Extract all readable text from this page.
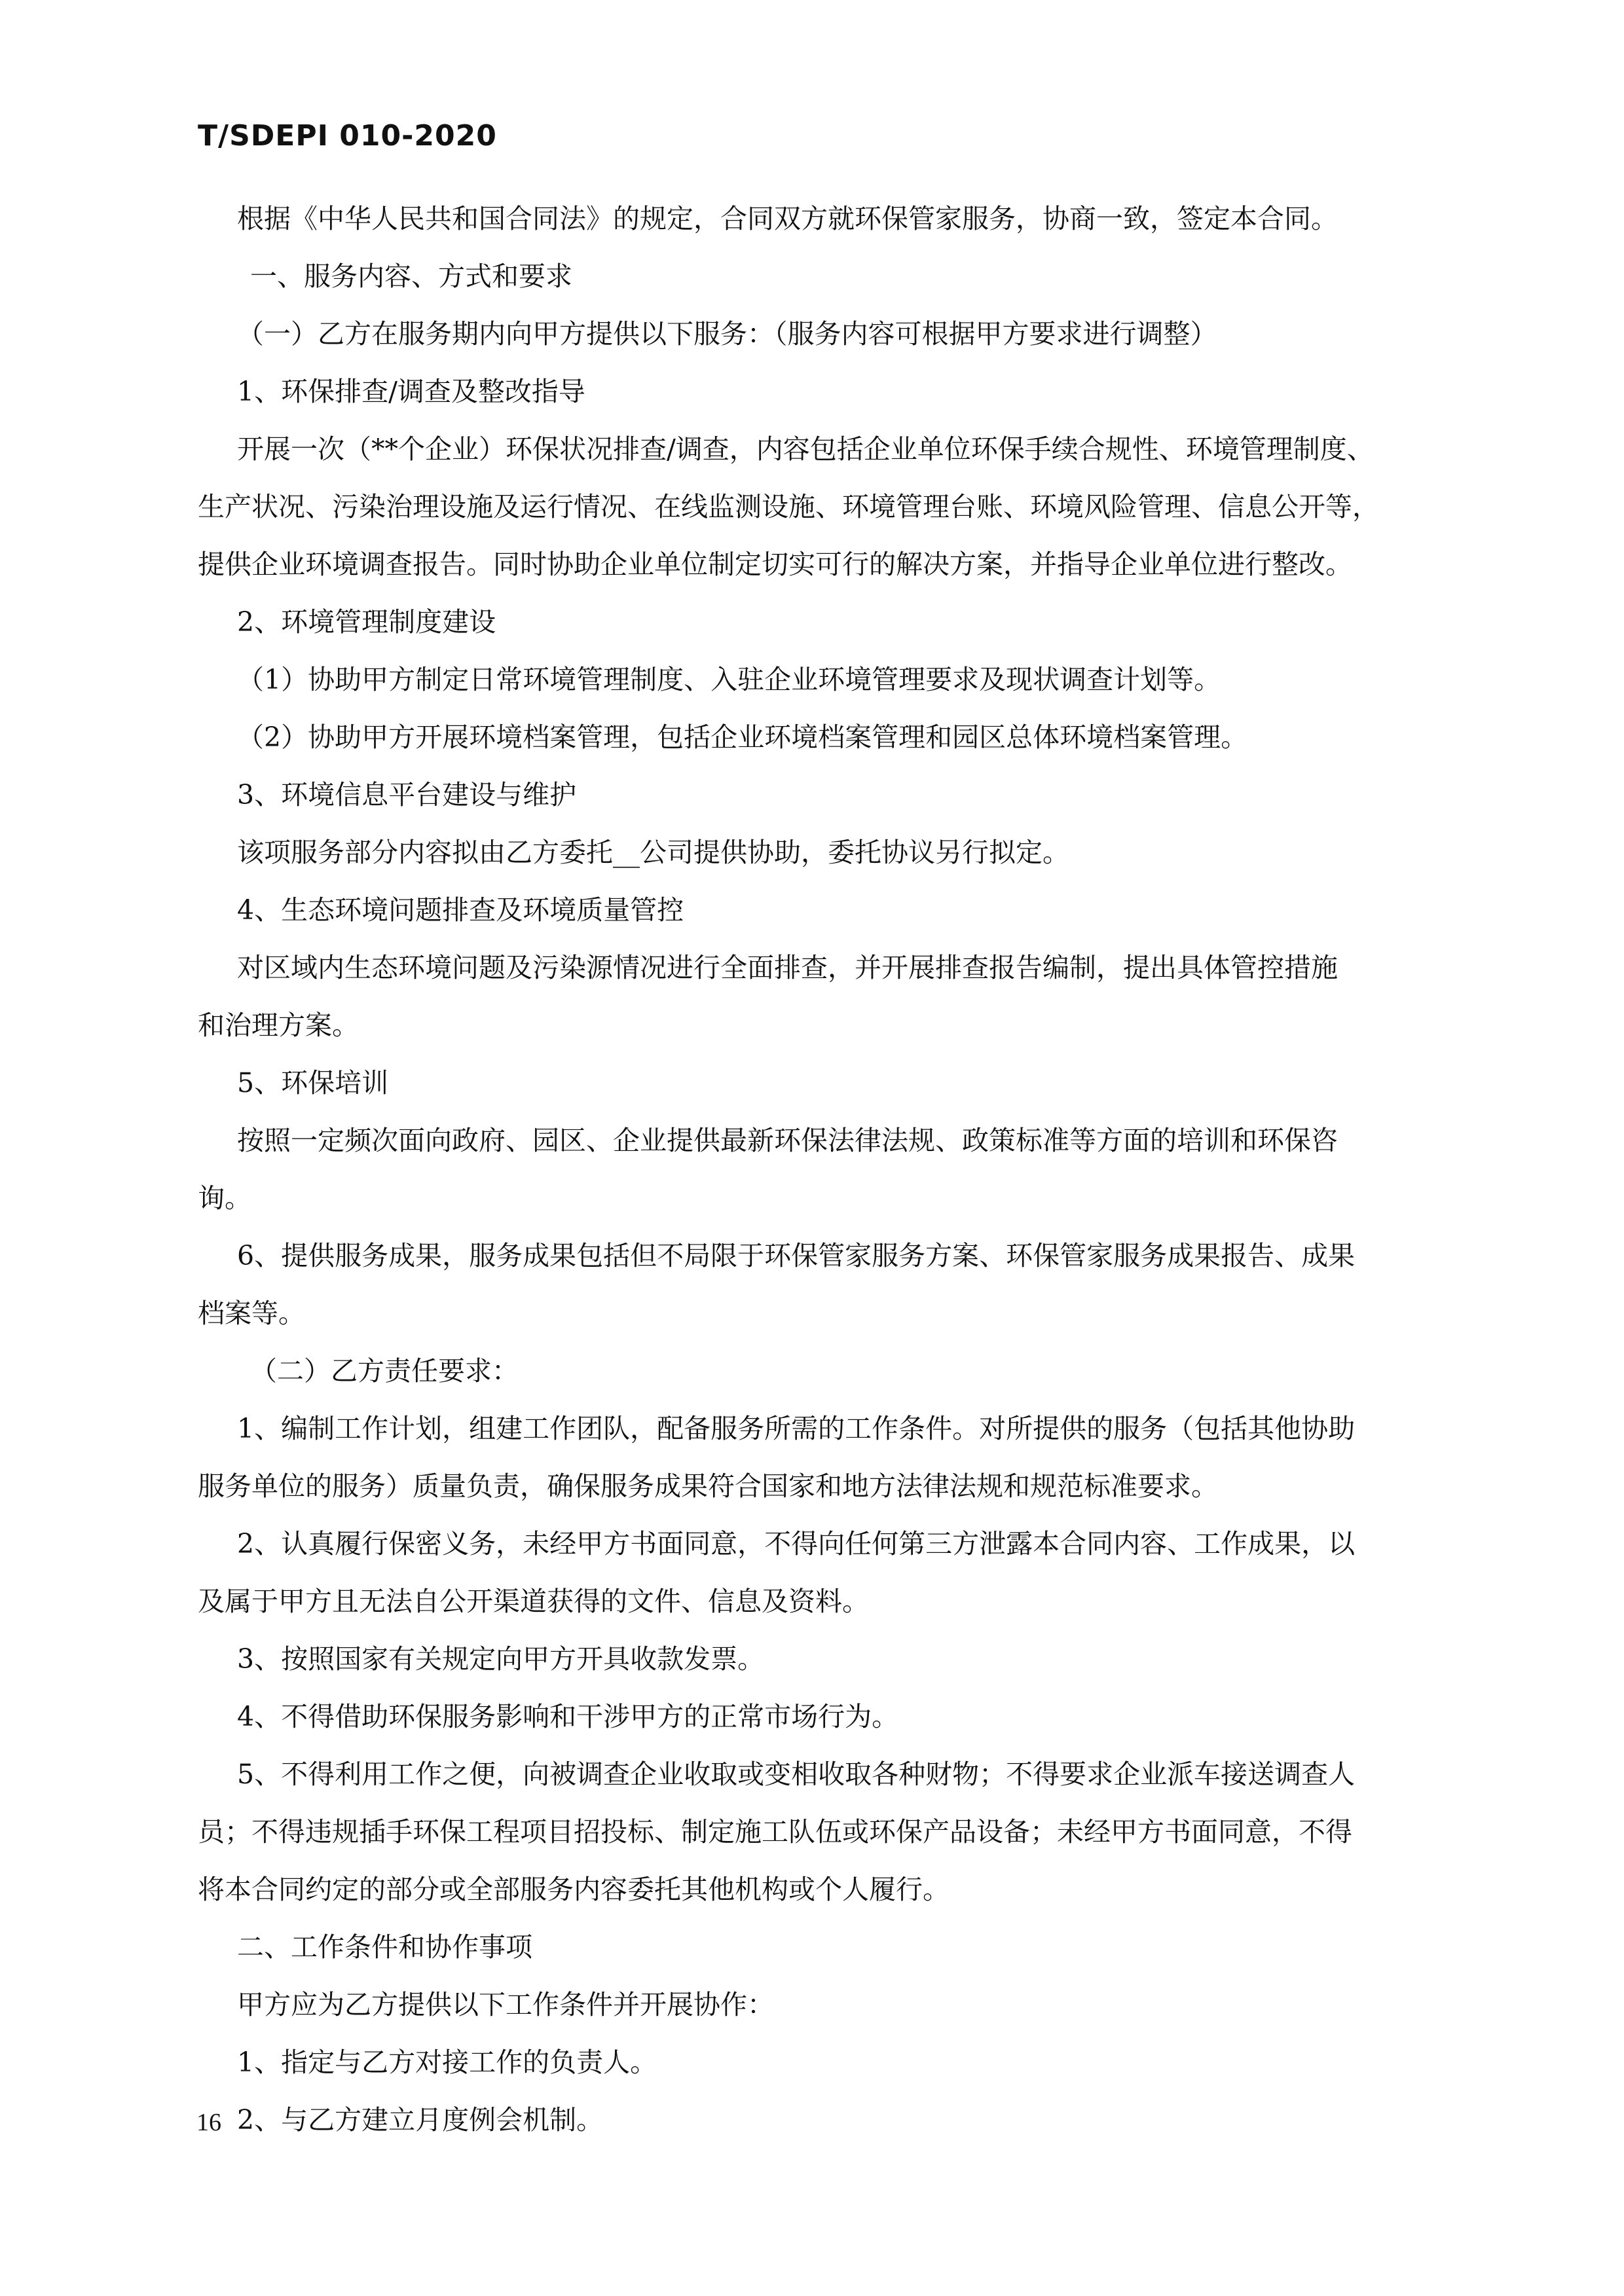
T/SDEPI 010-2020
根据《中华人民共和国合同法》的规定，合同双方就环保管家服务，协商一致，签定本合同。
一、服务内容、方式和要求
（一）乙方在服务期内向甲方提供以下服务：（服务内容可根据甲方要求进行调整）
1、环保排查/调查及整改指导
开展一次（**个企业）环保状况排查/调查，内容包括企业单位环保手续合规性、环境管理制度、
生产状况、污染治理设施及运行情况、在线监测设施、环境管理台账、环境风险管理、信息公开等，
提供企业环境调查报告。同时协助企业单位制定切实可行的解决方案，并指导企业单位进行整改。
2、环境管理制度建设
（1）协助甲方制定日常环境管理制度、入驻企业环境管理要求及现状调查计划等。
（2）协助甲方开展环境档案管理，包括企业环境档案管理和园区总体环境档案管理。
3、环境信息平台建设与维护
该项服务部分内容拟由乙方委托__公司提供协助，委托协议另行拟定。
4、生态环境问题排查及环境质量管控
对区域内生态环境问题及污染源情况进行全面排查，并开展排查报告编制，提出具体管控措施
和治理方案。
5、环保培训
按照一定频次面向政府、园区、企业提供最新环保法律法规、政策标准等方面的培训和环保咨
询。
6、提供服务成果，服务成果包括但不局限于环保管家服务方案、环保管家服务成果报告、成果
档案等。
（二）乙方责任要求：
1、编制工作计划，组建工作团队，配备服务所需的工作条件。对所提供的服务（包括其他协助
服务单位的服务）质量负责，确保服务成果符合国家和地方法律法规和规范标准要求。
2、认真履行保密义务，未经甲方书面同意，不得向任何第三方泄露本合同内容、工作成果，以
及属于甲方且无法自公开渠道获得的文件、信息及资料。
3、按照国家有关规定向甲方开具收款发票。
4、不得借助环保服务影响和干涉甲方的正常市场行为。
5、不得利用工作之便，向被调查企业收取或变相收取各种财物；不得要求企业派车接送调查人
员；不得违规插手环保工程项目招投标、制定施工队伍或环保产品设备；未经甲方书面同意，不得
将本合同约定的部分或全部服务内容委托其他机构或个人履行。
二、工作条件和协作事项
甲方应为乙方提供以下工作条件并开展协作：
1、指定与乙方对接工作的负责人。
2、与乙方建立月度例会机制。
16
